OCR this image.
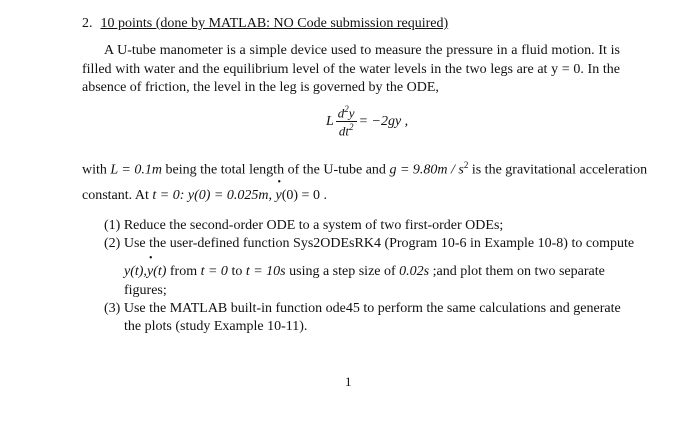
2. 10 points (done by MATLAB: NO Code submission required)
A U-tube manometer is a simple device used to measure the pressure in a fluid motion. It is filled with water and the equilibrium level of the water levels in the two legs are at y = 0. In the absence of friction, the level in the leg is governed by the ODE,
L $\frac{d^2y}{dt^2} = -2gy$ ,
with L = 0.1m being the total length of the U-tube and $g = 9.80m / s^2$ is the gravitational acceleration
constant. At t = 0: y(0) = 0.025m, • y(0) = 0 .
(1) Reduce the second-order ODE to a system of two first-order ODEs;
(2) Use the user-defined function Sys2ODEsRK4 (Program 10-6 in Example 10-8) to compute
y(t),• y(t) from t = 0 to t = 10s using a step size of 0.02s ;and plot them on two separate
figures;
(3) Use the MATLAB built-in function ode45 to perform the same calculations and generate
the plots (study Example 10-11).
1
